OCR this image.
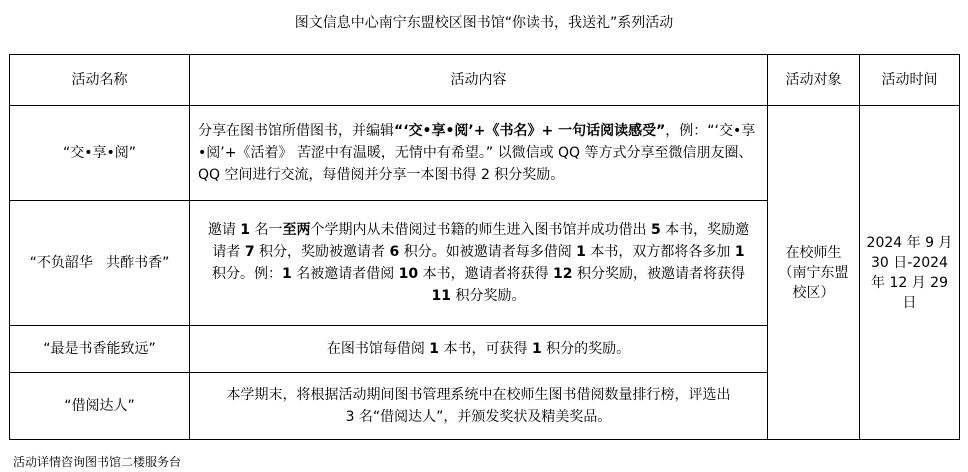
图文信息中心南宁东盟校区图书馆“你读书，我送礼”系列活动
活动名称	活动内容	活动对象	活动时间
“交•享•阅”	分享在图书馆所借图书，并编辑“‘交•享•阅’+《书名》+ 一句话阅读感受”，例：“‘交•享•阅’+《活着》 苦涩中有温暖，无情中有希望。” 以微信或 QQ 等方式分享至微信朋友圈、QQ 空间进行交流，每借阅并分享一本图书得 2 积分奖励。	在校师生（南宁东盟校区）	2024 年 9 月 30 日-2024 年 12 月 29 日

“不负韶华   共酢书香”	邀请 1 名一至两个学期内从未借阅过书籍的师生进入图书馆并成功借出 5 本书，奖励邀请者 7 积分，奖励被邀请者 6 积分。如被邀请者每多借阅 1 本书，双方都将各多加 1 积分。例：1 名被邀请者借阅 10 本书，邀请者将获得 12 积分奖励，被邀请者将获得 11 积分奖励。		
“最是书香能致远”	在图书馆每借阅 1 本书，可获得 1 积分的奖励。		
“借阅达人”	本学期末，将根据活动期间图书管理系统中在校师生图书借阅数量排行榜，评选出 3 名“借阅达人”，并颁发奖状及精美奖品。		
活动详情咨询图书馆二楼服务台
